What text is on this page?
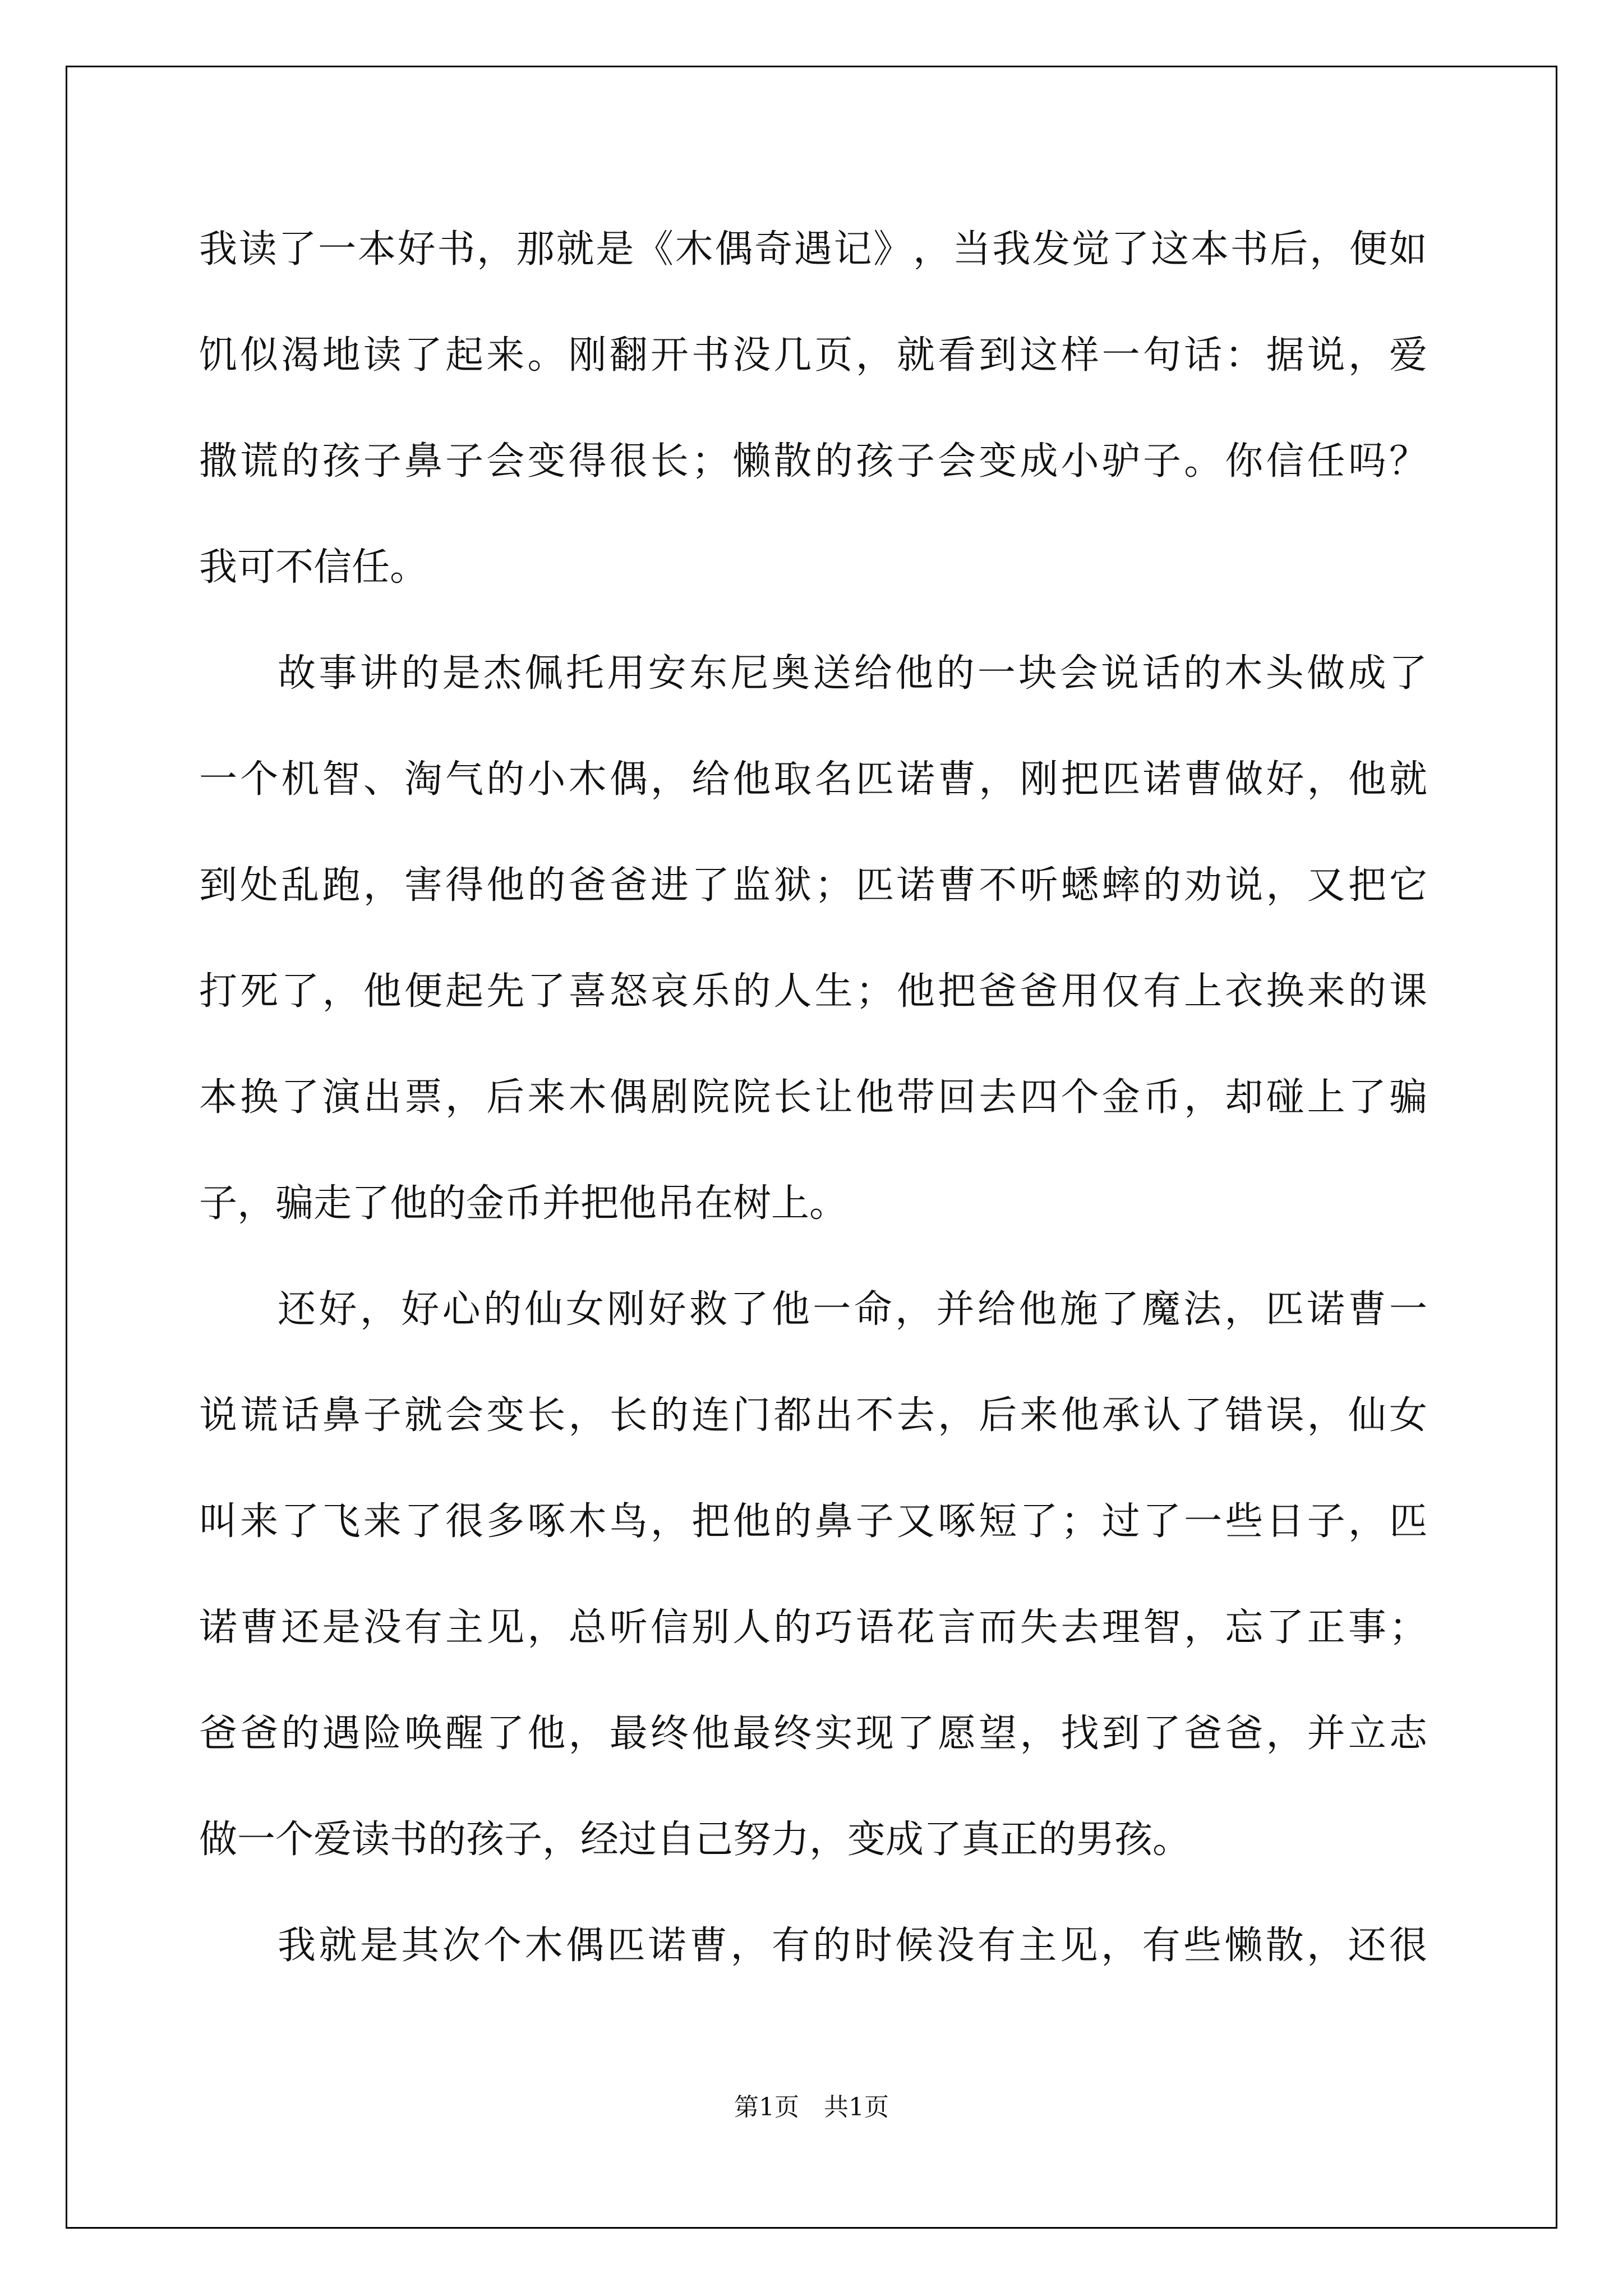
我 读 了 一 本 好 书 ， 那 就 是 《 木 偶 奇 遇 记 》 ， 当 我 发 觉 了 这 本 书 后 ， 便 如
饥 似 渴 地 读 了 起 来 。 刚 翻 开 书 没 几 页 ， 就 看 到 这 样 一 句 话 ： 据 说 ， 爱
撒 谎 的 孩 子 鼻 子 会 变 得 很 长 ； 懒 散 的 孩 子 会 变 成 小 驴 子 。 你 信 任 吗 ？
我可不信任。
故 事 讲 的 是 杰 佩 托 用 安 东 尼 奥 送 给 他 的 一 块 会 说 话 的 木 头 做 成 了
一 个 机 智 、 淘 气 的 小 木 偶 ， 给 他 取 名 匹 诺 曹 ， 刚 把 匹 诺 曹 做 好 ， 他 就
到 处 乱 跑 ， 害 得 他 的 爸 爸 进 了 监 狱 ； 匹 诺 曹 不 听 蟋 蟀 的 劝 说 ， 又 把 它
打 死 了 ， 他 便 起 先 了 喜 怒 哀 乐 的 人 生 ； 他 把 爸 爸 用 仅 有 上 衣 换 来 的 课
本 换 了 演 出 票 ， 后 来 木 偶 剧 院 院 长 让 他 带 回 去 四 个 金 币 ， 却 碰 上 了 骗
子，骗走了他的金币并把他吊在树上。
还 好 ， 好 心 的 仙 女 刚 好 救 了 他 一 命 ， 并 给 他 施 了 魔 法 ， 匹 诺 曹 一
说 谎 话 鼻 子 就 会 变 长 ， 长 的 连 门 都 出 不 去 ， 后 来 他 承 认 了 错 误 ， 仙 女
叫 来 了 飞 来 了 很 多 啄 木 鸟 ， 把 他 的 鼻 子 又 啄 短 了 ； 过 了 一 些 日 子 ， 匹
诺 曹 还 是 没 有 主 见 ， 总 听 信 别 人 的 巧 语 花 言 而 失 去 理 智 ， 忘 了 正 事 ；
爸 爸 的 遇 险 唤 醒 了 他 ， 最 终 他 最 终 实 现 了 愿 望 ， 找 到 了 爸 爸 ， 并 立 志
做一个爱读书的孩子，经过自己努力，变成了真正的男孩。
我 就 是 其 次 个 木 偶 匹 诺 曹 ， 有 的 时 候 没 有 主 见 ， 有 些 懒 散 ， 还 很
第1页　共1页
